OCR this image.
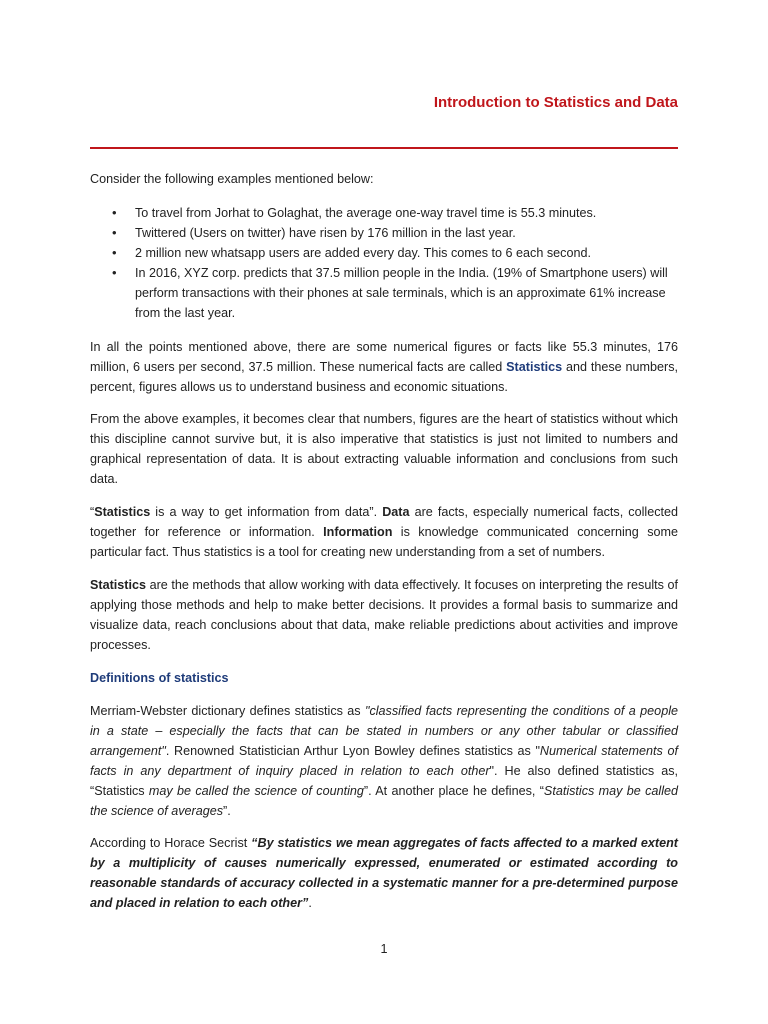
Introduction to Statistics and Data

Consider the following examples mentioned below:

• To travel from Jorhat to Golaghat, the average one-way travel time is 55.3 minutes.
• Twittered (Users on twitter) have risen by 176 million in the last year.
• 2 million new whatsapp users are added every day. This comes to 6 each second.
• In 2016, XYZ corp. predicts that 37.5 million people in the India. (19% of Smartphone users) will perform transactions with their phones at sale terminals, which is an approximate 61% increase from the last year.

In all the points mentioned above, there are some numerical figures or facts like 55.3 minutes, 176 million, 6 users per second, 37.5 million. These numerical facts are called Statistics and these numbers, percent, figures allows us to understand business and economic situations.

From the above examples, it becomes clear that numbers, figures are the heart of statistics without which this discipline cannot survive but, it is also imperative that statistics is just not limited to numbers and graphical representation of data. It is about extracting valuable information and conclusions from such data.

“Statistics is a way to get information from data”. Data are facts, especially numerical facts, collected together for reference or information. Information is knowledge communicated concerning some particular fact. Thus statistics is a tool for creating new understanding from a set of numbers.

Statistics are the methods that allow working with data effectively. It focuses on interpreting the results of applying those methods and help to make better decisions. It provides a formal basis to summarize and visualize data, reach conclusions about that data, make reliable predictions about activities and improve processes.

Definitions of statistics

Merriam-Webster dictionary defines statistics as "classified facts representing the conditions of a people in a state – especially the facts that can be stated in numbers or any other tabular or classified arrangement". Renowned Statistician Arthur Lyon Bowley defines statistics as "Numerical statements of facts in any department of inquiry placed in relation to each other". He also defined statistics as, “Statistics may be called the science of counting”. At another place he defines, “Statistics may be called the science of averages”.

According to Horace Secrist “By statistics we mean aggregates of facts affected to a marked extent by a multiplicity of causes numerically expressed, enumerated or estimated according to reasonable standards of accuracy collected in a systematic manner for a pre-determined purpose and placed in relation to each other”.

1
